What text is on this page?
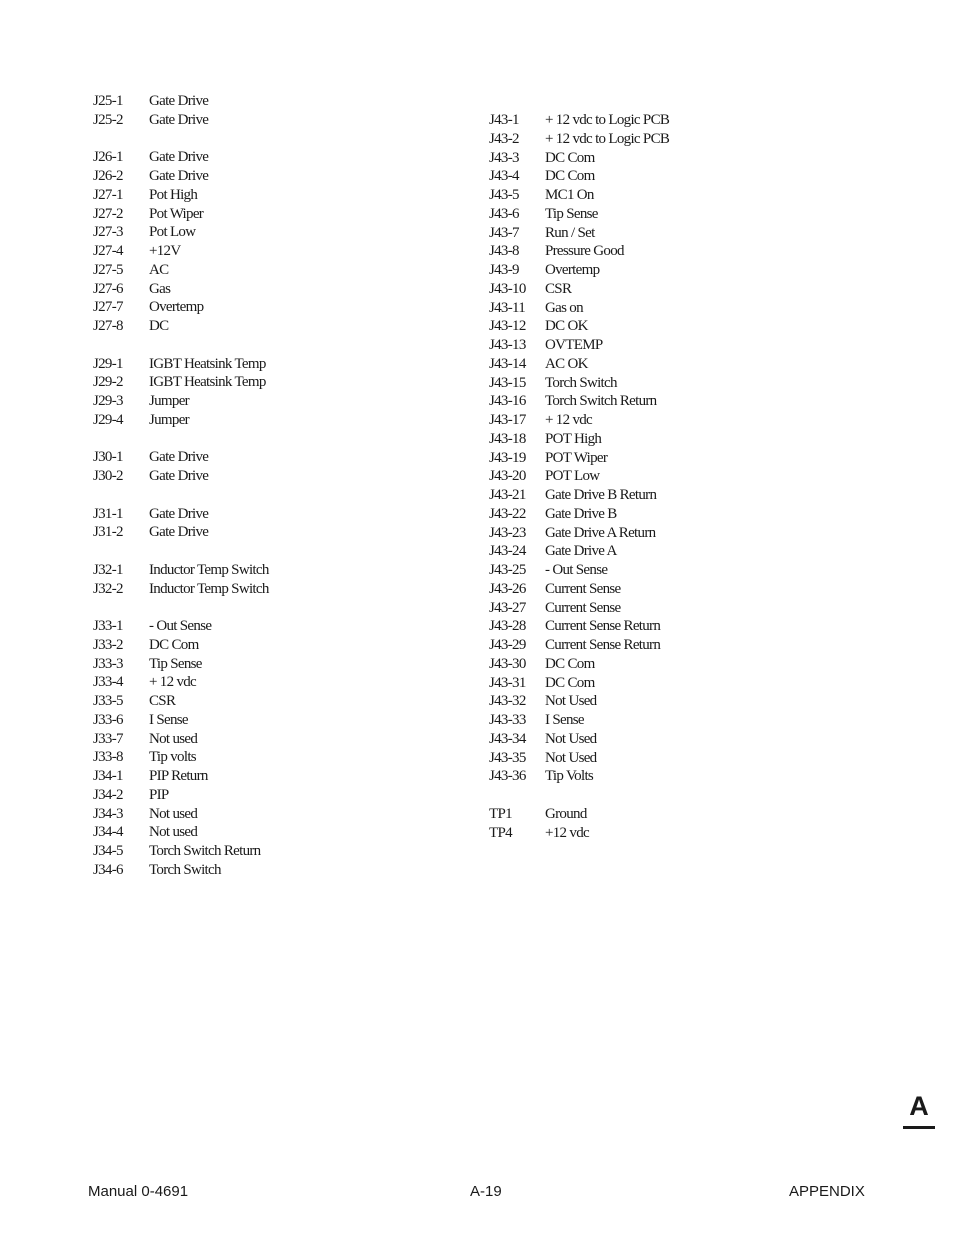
J25-1	Gate Drive
J25-2	Gate Drive
J26-1	Gate Drive
J26-2	Gate Drive
J27-1	Pot High
J27-2	Pot Wiper
J27-3	Pot Low
J27-4	+12V
J27-5	AC
J27-6	Gas
J27-7	Overtemp
J27-8	DC
J29-1	IGBT Heatsink Temp
J29-2	IGBT Heatsink Temp
J29-3	Jumper
J29-4	Jumper
J30-1	Gate Drive
J30-2	Gate Drive
J31-1	Gate Drive
J31-2	Gate Drive
J32-1	Inductor Temp Switch
J32-2	Inductor Temp Switch
J33-1	- Out Sense
J33-2	DC Com
J33-3	Tip Sense
J33-4	+ 12 vdc
J33-5	CSR
J33-6	I Sense
J33-7	Not used
J33-8	Tip volts
J34-1	PIP Return
J34-2	PIP
J34-3	Not used
J34-4	Not used
J34-5	Torch Switch Return
J34-6	Torch Switch
J43-1	+ 12 vdc to Logic PCB
J43-2	+ 12 vdc to Logic PCB
J43-3	DC Com
J43-4	DC Com
J43-5	MC1 On
J43-6	Tip Sense
J43-7	Run / Set
J43-8	Pressure Good
J43-9	Overtemp
J43-10	CSR
J43-11	Gas on
J43-12	DC OK
J43-13	OVTEMP
J43-14	AC OK
J43-15	Torch Switch
J43-16	Torch Switch Return
J43-17	+ 12 vdc
J43-18	POT High
J43-19	POT Wiper
J43-20	POT Low
J43-21	Gate Drive B Return
J43-22	Gate Drive B
J43-23	Gate Drive A Return
J43-24	Gate Drive A
J43-25	- Out Sense
J43-26	Current Sense
J43-27	Current Sense
J43-28	Current Sense Return
J43-29	Current Sense Return
J43-30	DC Com
J43-31	DC Com
J43-32	Not Used
J43-33	I Sense
J43-34	Not Used
J43-35	Not Used
J43-36	Tip Volts
TP1	Ground
TP4	+12 vdc
A
Manual 0-4691	A-19	APPENDIX
